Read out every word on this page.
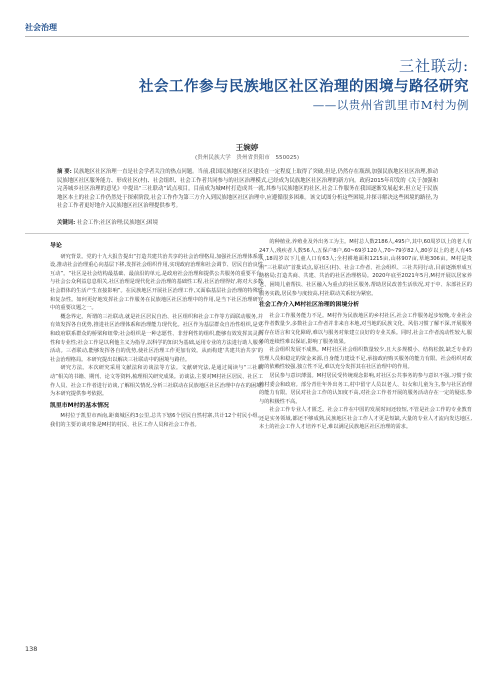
社会治理
三社联动:
社会工作参与民族地区社区治理的困境与路径研究
——以贵州省凯里市M村为例
王婉婷
(贵州民族大学　贵州省贵阳市　550025)
摘 要: 民族地区社区治理一直是社会学者关注的热点问题。当前,我国民族地区社区建设在一定程度上取得了突破,但是,仍然存在瓶颈,加强民族地区社区治理,推动民族地区社区服务能力、形成社区(村)、社会组织、社会工作者共同参与的社区治理模式,已经成为民族地区社区治理的新方向。政府2015年印发的《关于加强和完善城乡社区治理的意见》中提出“三社联动”试点项目。目前成为城M村打造成其一就,其参与民族地区的社区,社会工作服务在我国逐渐发展起来,但立足于民族地区本土的社会工作仍然处于探索阶段,社会工作作为第三方介入到民族地区社区治理中,应遵循很多困难。该文试图分析这些困境,并探寻解决这些困境的路径,为社会工作者更好地介入民族地区社区治理提供参考。
关键词: 社会工作;社区治理;民族地区;困境
导论

研究背景。党的十九大报告提出“打造共建共治共享的社会治理格局,加强社区治理体系建设,推动社会治理重心向基层下移,发挥社会组织作用,实现政府治理和社会调节、居民自治良性互动”。“社区是社会结构最基础、最前沿的单元,是政府社会治理和提供公共服务的重要平台,与社会公众利益息息相关,社区治理是现代化社会治理的基础性工程,社区治理得好,将对大多数社会群体的生活产生直接影响”。在民族地区开展社区治理工作,又面临基层社会治理的特殊性和复杂性。如何更好地发挥社会工作服务在民族地区社区治理中的作用,是当下社区治理研究中的重要议题之一。

概念界定。所谓的三社联动,就是社区居民自治、社区组织和社会工作等方面联动服务,并有效发挥各自优势,推进社区治理体系和治理能力现代化。社区作为基层群众自治性组织,是党和政府联系群众的桥梁和纽带;社会组织是一种志愿性、非营利性的组织,能够有效发挥其灵活性和专业性;社会工作是以利他主义为指导,以科学的知识为基础,运用专业的方法进行助人服务活动。三者联动,能够发挥各自的优势,使社区治理工作更加有效。从而构建‘共建共治共享’的社会治理格局。本研究提出以解决三社联动中的困境与路径。

研究方法。本次研究采用文献法和访谈法等方法。文献研究法,是通过阅读与“三社联动”相关的书籍、期刊、论文等资料,梳理相关研究成果。访谈法,主要对M村社区居民、社区工作人员、社会工作者进行访谈,了解相关情况,分析三社联动在民族地区社区治理中存在的困境,为本研究提供参考依据。

凯里市M村的基本情况

M村位于凯里市西南,距离城区约3公里,总共下辖6个居民自然村寨,共计12个村民小组。我们的主要访谈对象是M村的村民、社区工作人员和社会工作者。

的种植业,养殖业及外出务工为主。M村总人数2186人,495户,其中,60周岁以上的老人有247人,残疾者人数56人,五保户8户,60~69岁120人,70~79岁82人,80岁以上的老人有45人,18周岁以下儿童人口有63人;全村耕地面积1215亩,山林907亩,草地306亩。M村是贵州“三社联动”首批试点,原社区(村)、社会工作者、社会组织、三社共同行动,目前逐渐形成互助格局;打造共商、共建、共治的社区治理格局。2020年底至2021年5月,M村开展以居家养老、困境儿童帮扶、社区融入为重点的社区服务,帮助居民改善生活状况,对于中、东部社区的服务实践,居民参与度较高,村社联动关系较为紧密。

社会工作介入M村社区治理的困境分析

社会工作服务能力不足。M村作为民族地区的乡村社区,社会工作服务起步较晚,专业社会工作者数量少,多数社会工作者并非来自本地,对当地的民族文化、风俗习惯了解不深,开展服务时存在语言和文化障碍,难以与服务对象建立良好的专业关系。同时,社会工作者流动性较大,服务的连续性难以保证,影响了服务效果。

社会组织发展不成熟。M村社区社会组织数量较少,且大多规模小、结构松散,缺乏专业的管理人员和稳定的资金来源,自身能力建设不足,承接政府购买服务的能力有限。社会组织对政府的依赖性较强,独立性不足,难以充分发挥其在社区治理中的作用。

居民参与意识薄弱。M村居民受传统观念影响,对社区公共事务的参与意识不强,习惯于依赖村委会和政府。部分青壮年外出务工,村中留守人员以老人、妇女和儿童为主,参与社区治理的能力有限。居民对社会工作的认知度不高,对社会工作者开展的服务活动存在一定的疑虑,参与的积极性不高。

社会工作专业人才匮乏。社会工作在中国的发展时间还较短,不管是社会工作的专业教育还是实务领域,都还不够成熟,民族地区社会工作人才更是短缺,大量的专业人才流向发达地区,本土的社会工作人才培养不足,难以满足民族地区社区治理的需求。

138
